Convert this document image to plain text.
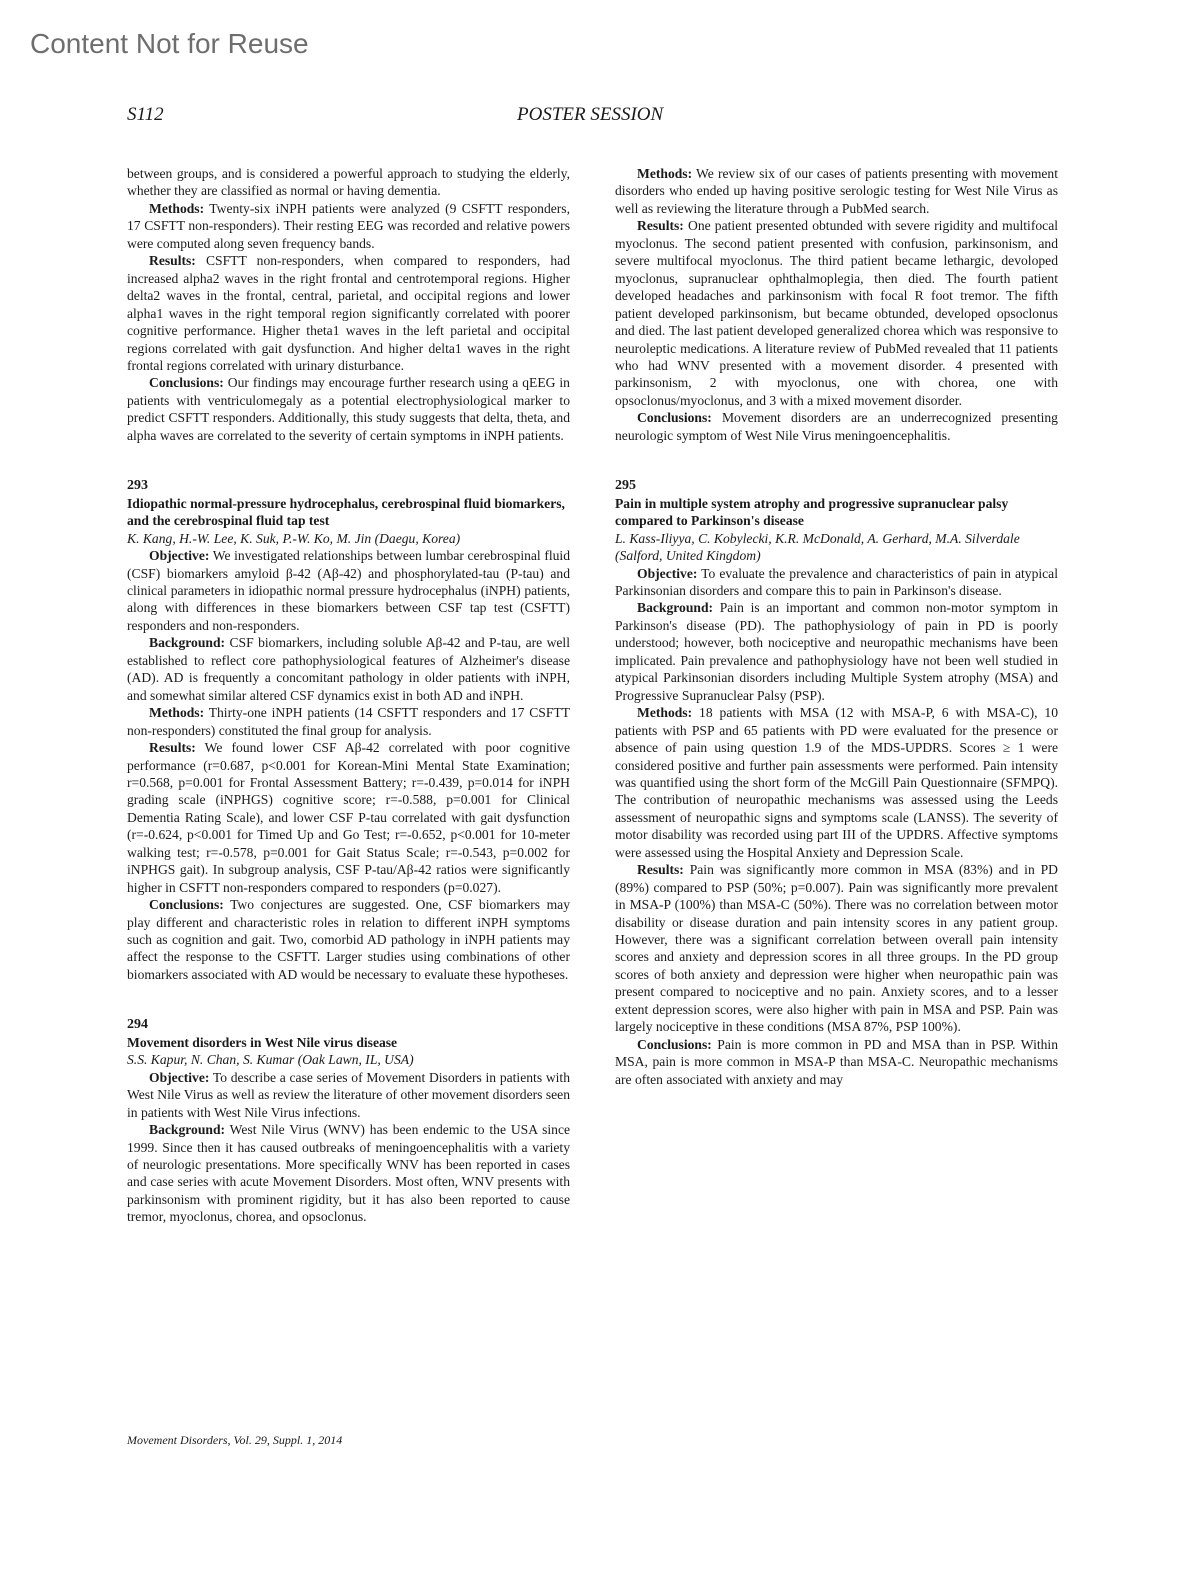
Content Not for Reuse
S112	POSTER SESSION

between groups, and is considered a powerful approach to studying the elderly, whether they are classified as normal or having dementia.

Methods: Twenty-six iNPH patients were analyzed (9 CSFTT responders, 17 CSFTT non-responders). Their resting EEG was recorded and relative powers were computed along seven frequency bands.

Results: CSFTT non-responders, when compared to responders, had increased alpha2 waves in the right frontal and centrotemporal regions. Higher delta2 waves in the frontal, central, parietal, and occipital regions and lower alpha1 waves in the right temporal region significantly correlated with poorer cognitive performance. Higher theta1 waves in the left parietal and occipital regions correlated with gait dysfunction. And higher delta1 waves in the right frontal regions correlated with urinary disturbance.

Conclusions: Our findings may encourage further research using a qEEG in patients with ventriculomegaly as a potential electrophysiological marker to predict CSFTT responders. Additionally, this study suggests that delta, theta, and alpha waves are correlated to the severity of certain symptoms in iNPH patients.

293

Idiopathic normal-pressure hydrocephalus, cerebrospinal fluid biomarkers, and the cerebrospinal fluid tap test

K. Kang, H.-W. Lee, K. Suk, P.-W. Ko, M. Jin (Daegu, Korea)

Objective: We investigated relationships between lumbar cerebrospinal fluid (CSF) biomarkers amyloid β-42 (Aβ-42) and phosphorylated-tau (P-tau) and clinical parameters in idiopathic normal pressure hydrocephalus (iNPH) patients, along with differences in these biomarkers between CSF tap test (CSFTT) responders and non-responders.

Background: CSF biomarkers, including soluble Aβ-42 and P-tau, are well established to reflect core pathophysiological features of Alzheimer's disease (AD). AD is frequently a concomitant pathology in older patients with iNPH, and somewhat similar altered CSF dynamics exist in both AD and iNPH.

Methods: Thirty-one iNPH patients (14 CSFTT responders and 17 CSFTT non-responders) constituted the final group for analysis.

Results: We found lower CSF Aβ-42 correlated with poor cognitive performance (r=0.687, p<0.001 for Korean-Mini Mental State Examination; r=0.568, p=0.001 for Frontal Assessment Battery; r=-0.439, p=0.014 for iNPH grading scale (iNPHGS) cognitive score; r=-0.588, p=0.001 for Clinical Dementia Rating Scale), and lower CSF P-tau correlated with gait dysfunction (r=-0.624, p<0.001 for Timed Up and Go Test; r=-0.652, p<0.001 for 10-meter walking test; r=-0.578, p=0.001 for Gait Status Scale; r=-0.543, p=0.002 for iNPHGS gait). In subgroup analysis, CSF P-tau/Aβ-42 ratios were significantly higher in CSFTT non-responders compared to responders (p=0.027).

Conclusions: Two conjectures are suggested. One, CSF biomarkers may play different and characteristic roles in relation to different iNPH symptoms such as cognition and gait. Two, comorbid AD pathology in iNPH patients may affect the response to the CSFTT. Larger studies using combinations of other biomarkers associated with AD would be necessary to evaluate these hypotheses.

294

Movement disorders in West Nile virus disease

S.S. Kapur, N. Chan, S. Kumar (Oak Lawn, IL, USA)

Objective: To describe a case series of Movement Disorders in patients with West Nile Virus as well as review the literature of other movement disorders seen in patients with West Nile Virus infections.

Background: West Nile Virus (WNV) has been endemic to the USA since 1999. Since then it has caused outbreaks of meningoencephalitis with a variety of neurologic presentations. More specifically WNV has been reported in cases and case series with acute Movement Disorders. Most often, WNV presents with parkinsonism with prominent rigidity, but it has also been reported to cause tremor, myoclonus, chorea, and opsoclonus.

Methods: We review six of our cases of patients presenting with movement disorders who ended up having positive serologic testing for West Nile Virus as well as reviewing the literature through a PubMed search.

Results: One patient presented obtunded with severe rigidity and multifocal myoclonus. The second patient presented with confusion, parkinsonism, and severe multifocal myoclonus. The third patient became lethargic, devoloped myoclonus, supranuclear ophthalmoplegia, then died. The fourth patient developed headaches and parkinsonism with focal R foot tremor. The fifth patient developed parkinsonism, but became obtunded, developed opsoclonus and died. The last patient developed generalized chorea which was responsive to neuroleptic medications. A literature review of PubMed revealed that 11 patients who had WNV presented with a movement disorder. 4 presented with parkinsonism, 2 with myoclonus, one with chorea, one with opsoclonus/myoclonus, and 3 with a mixed movement disorder.

Conclusions: Movement disorders are an underrecognized presenting neurologic symptom of West Nile Virus meningoencephalitis.

295

Pain in multiple system atrophy and progressive supranuclear palsy compared to Parkinson's disease

L. Kass-Iliyya, C. Kobylecki, K.R. McDonald, A. Gerhard, M.A. Silverdale (Salford, United Kingdom)

Objective: To evaluate the prevalence and characteristics of pain in atypical Parkinsonian disorders and compare this to pain in Parkinson's disease.

Background: Pain is an important and common non-motor symptom in Parkinson's disease (PD). The pathophysiology of pain in PD is poorly understood; however, both nociceptive and neuropathic mechanisms have been implicated. Pain prevalence and pathophysiology have not been well studied in atypical Parkinsonian disorders including Multiple System atrophy (MSA) and Progressive Supranuclear Palsy (PSP).

Methods: 18 patients with MSA (12 with MSA-P, 6 with MSA-C), 10 patients with PSP and 65 patients with PD were evaluated for the presence or absence of pain using question 1.9 of the MDS-UPDRS. Scores ≥ 1 were considered positive and further pain assessments were performed. Pain intensity was quantified using the short form of the McGill Pain Questionnaire (SFMPQ). The contribution of neuropathic mechanisms was assessed using the Leeds assessment of neuropathic signs and symptoms scale (LANSS). The severity of motor disability was recorded using part III of the UPDRS. Affective symptoms were assessed using the Hospital Anxiety and Depression Scale.

Results: Pain was significantly more common in MSA (83%) and in PD (89%) compared to PSP (50%; p=0.007). Pain was significantly more prevalent in MSA-P (100%) than MSA-C (50%). There was no correlation between motor disability or disease duration and pain intensity scores in any patient group. However, there was a significant correlation between overall pain intensity scores and anxiety and depression scores in all three groups. In the PD group scores of both anxiety and depression were higher when neuropathic pain was present compared to nociceptive and no pain. Anxiety scores, and to a lesser extent depression scores, were also higher with pain in MSA and PSP. Pain was largely nociceptive in these conditions (MSA 87%, PSP 100%).

Conclusions: Pain is more common in PD and MSA than in PSP. Within MSA, pain is more common in MSA-P than MSA-C. Neuropathic mechanisms are often associated with anxiety and may

Movement Disorders, Vol. 29, Suppl. 1, 2014
